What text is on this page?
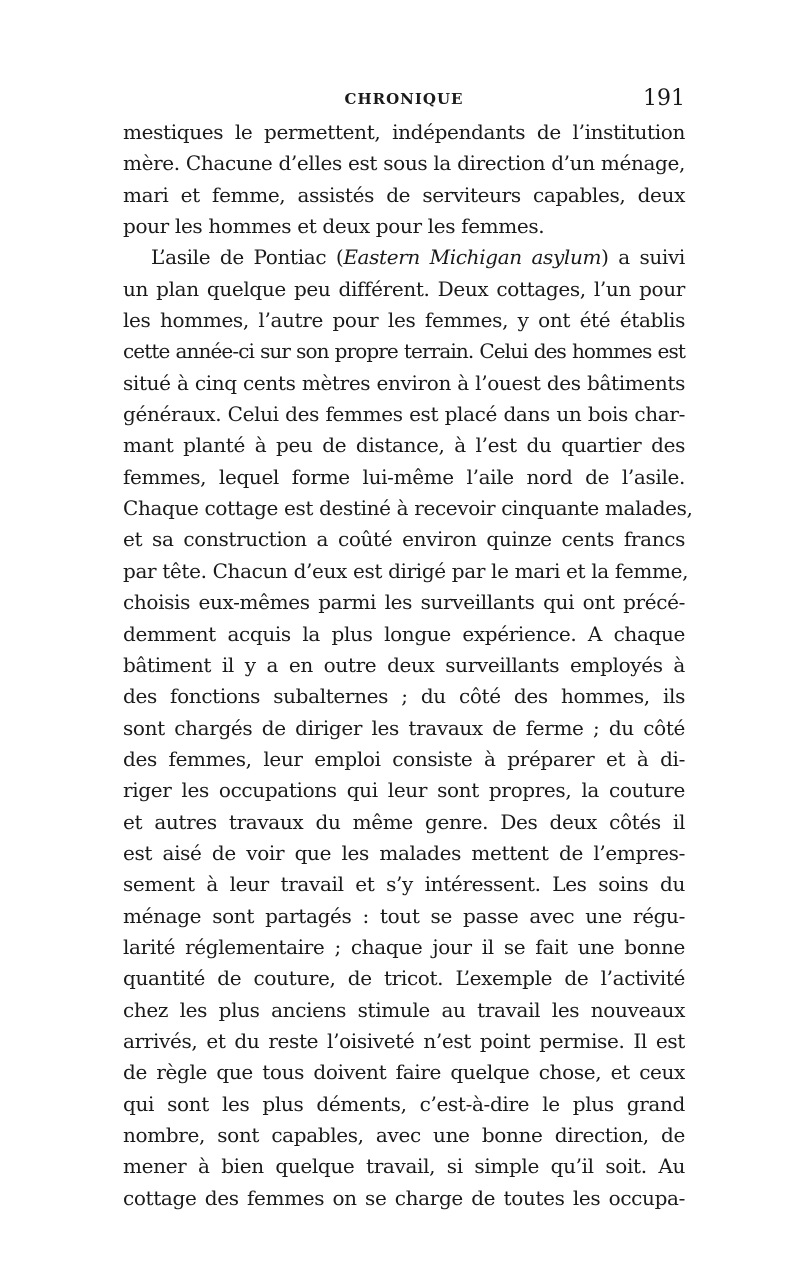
CHRONIQUE	191
mestiques le permettent, indépendants de l’institution
mère. Chacune d’elles est sous la direction d’un ménage,
mari et femme, assistés de serviteurs capables, deux
pour les hommes et deux pour les femmes.
L’asile de Pontiac (Eastern Michigan asylum) a suivi
un plan quelque peu différent. Deux cottages, l’un pour
les hommes, l’autre pour les femmes, y ont été établis
cette année-ci sur son propre terrain. Celui des hommes est
situé à cinq cents mètres environ à l’ouest des bâtiments
généraux. Celui des femmes est placé dans un bois char-
mant planté à peu de distance, à l’est du quartier des
femmes, lequel forme lui-même l’aile nord de l’asile.
Chaque cottage est destiné à recevoir cinquante malades,
et sa construction a coûté environ quinze cents francs
par tête. Chacun d’eux est dirigé par le mari et la femme,
choisis eux-mêmes parmi les surveillants qui ont précé-
demment acquis la plus longue expérience. A chaque
bâtiment il y a en outre deux surveillants employés à
des fonctions subalternes ; du côté des hommes, ils
sont chargés de diriger les travaux de ferme ; du côté
des femmes, leur emploi consiste à préparer et à di-
riger les occupations qui leur sont propres, la couture
et autres travaux du même genre. Des deux côtés il
est aisé de voir que les malades mettent de l’empres-
sement à leur travail et s’y intéressent. Les soins du
ménage sont partagés : tout se passe avec une régu-
larité réglementaire ; chaque jour il se fait une bonne
quantité de couture, de tricot. L’exemple de l’activité
chez les plus anciens stimule au travail les nouveaux
arrivés, et du reste l’oisiveté n’est point permise. Il est
de règle que tous doivent faire quelque chose, et ceux
qui sont les plus déments, c’est-à-dire le plus grand
nombre, sont capables, avec une bonne direction, de
mener à bien quelque travail, si simple qu’il soit. Au
cottage des femmes on se charge de toutes les occupa-
